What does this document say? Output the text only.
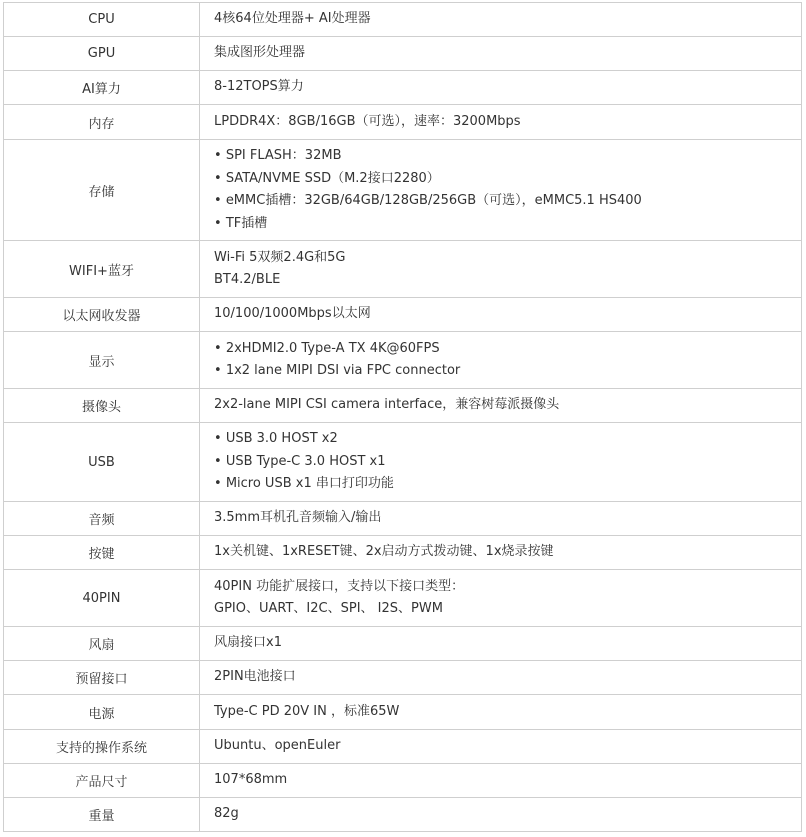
CPU	4核64位处理器+ AI处理器

GPU	集成图形处理器

AI算力	8-12TOPS算力

内存	LPDDR4X：8GB/16GB（可选），速率：3200Mbps

存储	• SPI FLASH：32MB
• SATA/NVME SSD（M.2接口2280）
• eMMC插槽：32GB/64GB/128GB/256GB（可选），eMMC5.1 HS400
• TF插槽

WIFI+蓝牙	Wi-Fi 5双频2.4G和5G
BT4.2/BLE

以太网收发器	10/100/1000Mbps以太网

显示	• 2xHDMI2.0 Type-A TX 4K@60FPS
• 1x2 lane MIPI DSI via FPC connector

摄像头	2x2-lane MIPI CSI camera interface，兼容树莓派摄像头

USB	• USB 3.0 HOST x2
• USB Type-C 3.0 HOST x1
• Micro USB x1 串口打印功能

音频	3.5mm耳机孔音频输入/输出

按键	1x关机键、1xRESET键、2x启动方式拨动键、1x烧录按键

40PIN	40PIN 功能扩展接口，支持以下接口类型：
GPIO、UART、I2C、SPI、 I2S、PWM

风扇	风扇接口x1

预留接口	2PIN电池接口

电源	Type-C PD 20V IN ，标准65W

支持的操作系统	Ubuntu、openEuler

产品尺寸	107*68mm

重量	82g
